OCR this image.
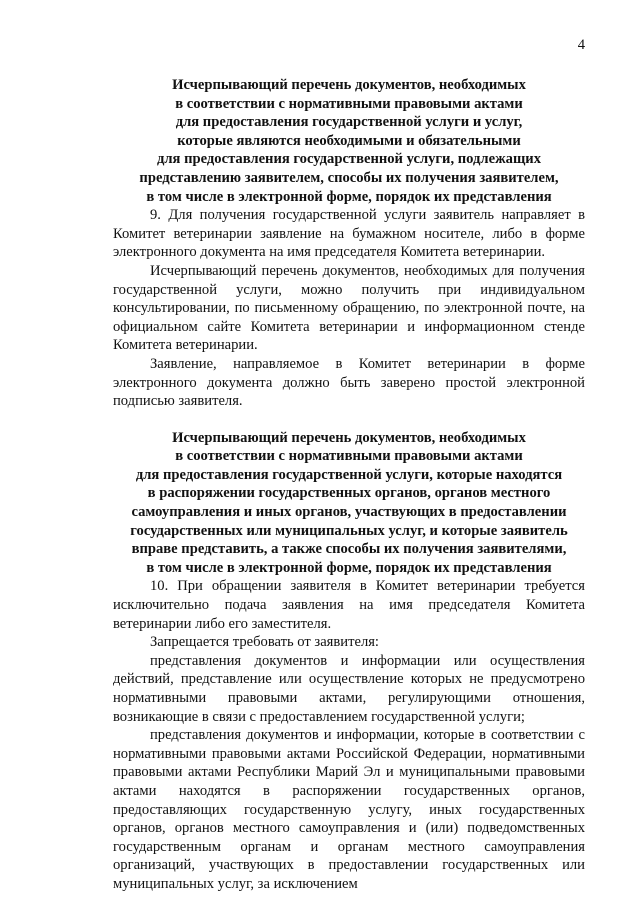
4
Исчерпывающий перечень документов, необходимых
в соответствии с нормативными правовыми актами
для предоставления государственной услуги и услуг,
которые являются необходимыми и обязательными
для предоставления государственной услуги, подлежащих
представлению заявителем, способы их получения заявителем,
в том числе в электронной форме, порядок их представления

9. Для получения государственной услуги заявитель направляет в Комитет ветеринарии заявление на бумажном носителе, либо в форме электронного документа на имя председателя Комитета ветеринарии.

Исчерпывающий перечень документов, необходимых для получения государственной услуги, можно получить при индивидуальном консультировании, по письменному обращению, по электронной почте, на официальном сайте Комитета ветеринарии и информационном стенде Комитета ветеринарии.

Заявление, направляемое в Комитет ветеринарии в форме электронного документа должно быть заверено простой электронной подписью заявителя.

Исчерпывающий перечень документов, необходимых
в соответствии с нормативными правовыми актами
для предоставления государственной услуги, которые находятся
в распоряжении государственных органов, органов местного
самоуправления и иных органов, участвующих в предоставлении
государственных или муниципальных услуг, и которые заявитель
вправе представить, а также способы их получения заявителями,
в том числе в электронной форме, порядок их представления

10. При обращении заявителя в Комитет ветеринарии требуется исключительно подача заявления на имя председателя Комитета ветеринарии либо его заместителя.

Запрещается требовать от заявителя:

представления документов и информации или осуществления действий, представление или осуществление которых не предусмотрено нормативными правовыми актами, регулирующими отношения, возникающие в связи с предоставлением государственной услуги;

представления документов и информации, которые в соответствии с нормативными правовыми актами Российской Федерации, нормативными правовыми актами Республики Марий Эл и муниципальными правовыми актами находятся в распоряжении государственных органов, предоставляющих государственную услугу, иных государственных органов, органов местного самоуправления и (или) подведомственных государственным органам и органам местного самоуправления организаций, участвующих в предоставлении государственных или муниципальных услуг, за исключением
